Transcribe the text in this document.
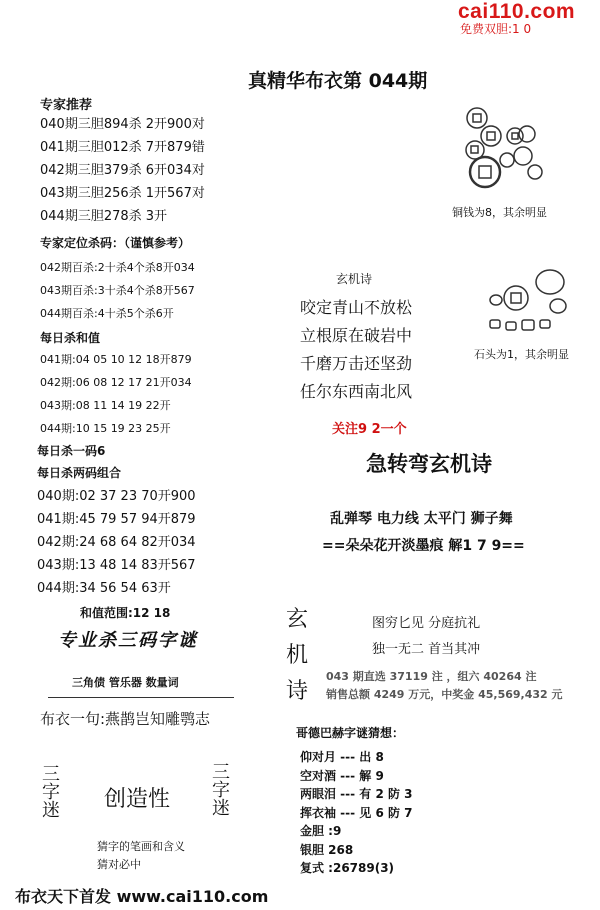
cai110.com
免费双胆:1 0
真精华布衣第 044期
专家推荐
040期三胆894杀 2开900对
041期三胆012杀 7开879错
042期三胆379杀 6开034对
043期三胆256杀 1开567对
044期三胆278杀 3开
专家定位杀码：（谨慎参考）
042期百杀:2十杀4个杀8开034
043期百杀:3十杀4个杀8开567
044期百杀:4十杀5个杀6开
每日杀和值
041期:04 05 10 12 18开879
042期:06 08 12 17 21开034
043期:08 11 14 19 22开
044期:10 15 19 23 25开
每日杀一码6
每日杀两码组合
040期:02 37 23 70开900
041期:45 79 57 94开879
042期:24 68 64 82开034
043期:13 48 14 83开567
044期:34 56 54 63开
和值范围:12 18
专业杀三码字谜
三角债 管乐器 数量词
布衣一句:燕鹊岂知雕鹗志
三
字
迷 创造性
三
字
迷
猜字的笔画和含义
猜对必中
铜钱为8，其余明显
玄机诗
咬定青山不放松
立根原在破岩中
千磨万击还坚劲
任尔东西南北风
石头为1，其余明显
关注9 2一个
急转弯玄机诗
乱弹琴 电力线 太平门 狮子舞
==朵朵花开淡墨痕 解1 7 9==
玄
机
诗
图穷匕见 分庭抗礼
独一无二 首当其冲
043 期直选 37119 注 ，组六 40264 注
销售总额 4249 万元，中奖金 45,569,432 元
哥德巴赫字谜猜想：
仰对月 --- 出 8
空对酒 --- 解 9
两眼泪 --- 有 2 防 3
挥衣袖 --- 见 6 防 7
金胆 :9
银胆 268
复式 :26789(3)
布衣天下首发 www.cai110.com
